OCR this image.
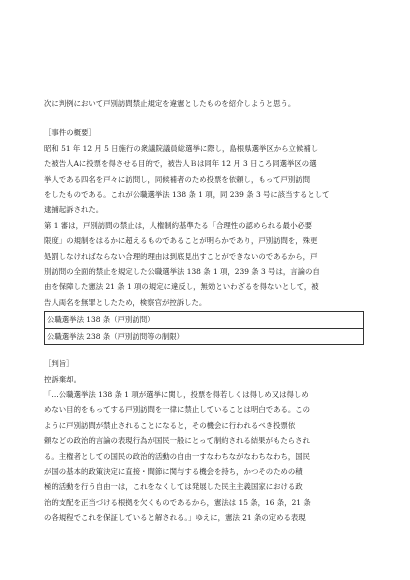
次に判例において戸別訪問禁止規定を違憲としたものを紹介しようと思う。

［事件の概要］

昭和 51 年 12 月 5 日施行の衆議院議員総選挙に際し，島根県選挙区から立候補し

た被告人Aに投票を得させる目的で，被告人Ｂは同年 12 月 3 日ころ同選挙区の選

挙人である四名を戸々に訪問し，同候補者のため投票を依頼し，もって戸別訪問

をしたものである。これが公職選挙法 138 条 1 項，同 239 条 3 号に該当するとして

逮捕起訴された。

第 1 審は，戸別訪問の禁止は，人権制約基準たる「合理性の認められる最小必要

限度」の規制をはるかに超えるものであることが明らかであり，戸別訪問を，殊更

処罰しなければならない合理的理由は到底見出すことができないのであるから，戸

別訪問の全面的禁止を規定した公職選挙法 138 条 1 項，239 条 3 号は，言論の自

由を保障した憲法 21 条 1 項の規定に違反し，無効といわざるを得ないとして，被

告人両名を無罪としたため，検察官が控訴した。

公職選挙法 138 条（戸別訪問）
公職選挙法 238 条（戸別訪問等の制限）

［判旨］

控訴棄却。

「…公職選挙法 138 条 1 項が選挙に関し，投票を得若しくは得しめ又は得しめ

めない目的をもってする戸別訪問を一律に禁止していることは明白である。この

ように戸別訪問が禁止されることになると，その機会に行われるべき投票依

頼などの政治的言論の表現行為が国民一般にとって制約される結果がもたらされ

る。主権者としての国民の政治的活動の自由一すなわちながなわちなわち，国民

が国の基本的政策決定に直接・間節に関与する機会を持ち，かつそのための積

極的活動を行う自由一は，これをなくしては発展した民主主義国家における政

治的支配を正当づける根拠を欠くものであるから，憲法は 15 条，16 条，21 条

の各規程でこれを保証していると解される。」ゆえに，憲法 21 条の定める表現
